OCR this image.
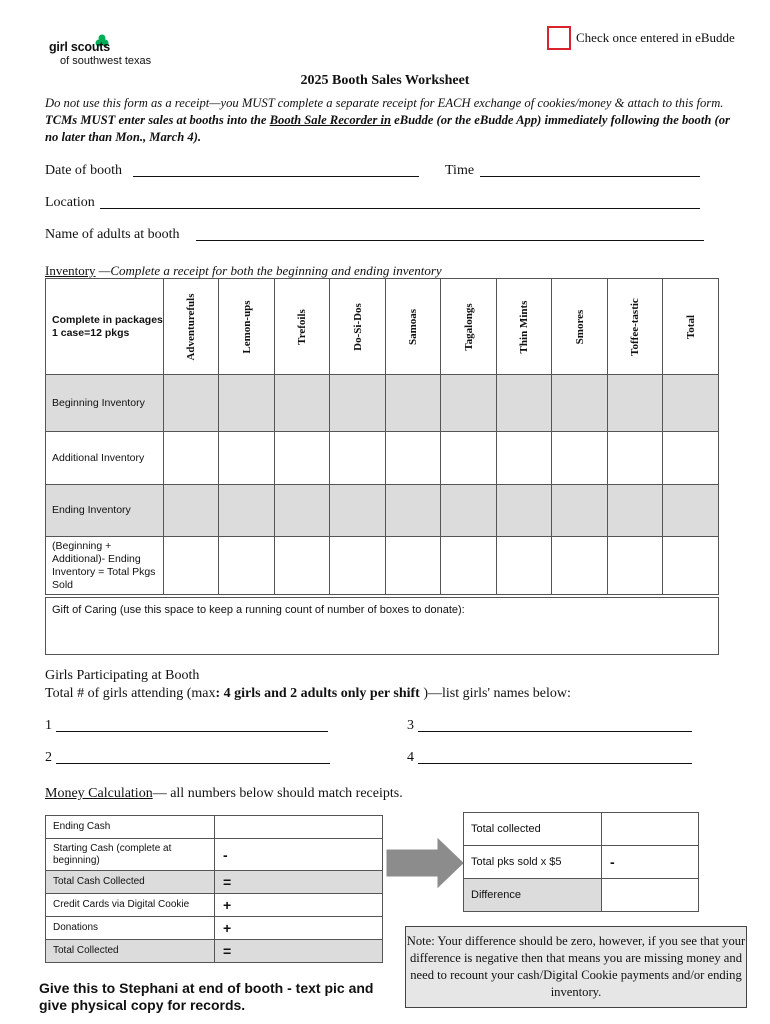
Check once entered in eBudde
girl scouts
of southwest texas
2025 Booth Sales Worksheet
Do not use this form as a receipt—you MUST complete a separate receipt for EACH exchange of cookies/money & attach to this form. TCMs MUST enter sales at booths into the Booth Sale Recorder in eBudde (or the eBudde App) immediately following the booth (or no later than Mon., March 4).
Date of booth	Time
Location
Name of adults at booth
Inventory —Complete a receipt for both the beginning and ending inventory
Complete in packages 1 case=12 pkgs	Adventurefuls	Lemon-ups	Trefoils	Do-Si-Dos	Samoas	Tagalongs	Thin Mints	Smores	Toffee-tastic	Total

Beginning Inventory										
Additional Inventory										
Ending Inventory										
(Beginning + Additional)- Ending Inventory = Total Pkgs Sold										
Gift of Caring (use this space to keep a running count of number of boxes to donate):
Girls Participating at Booth
Total # of girls attending (max: 4 girls and 2 adults only per shift )—list girls' names below:
1	3
2	4
Money Calculation— all numbers below should match receipts.
Ending Cash	
Starting Cash (complete at beginning)	-
Total Cash Collected	=
Credit Cards via Digital Cookie	+
Donations	+
Total Collected	=
Total collected	
Total pks sold x $5	-
Difference	
Note: Your difference should be zero, however, if you see that your difference is negative then that means you are missing money and need to recount your cash/Digital Cookie payments and/or ending inventory.
Give this to Stephani at end of booth - text pic and give physical copy for records.
